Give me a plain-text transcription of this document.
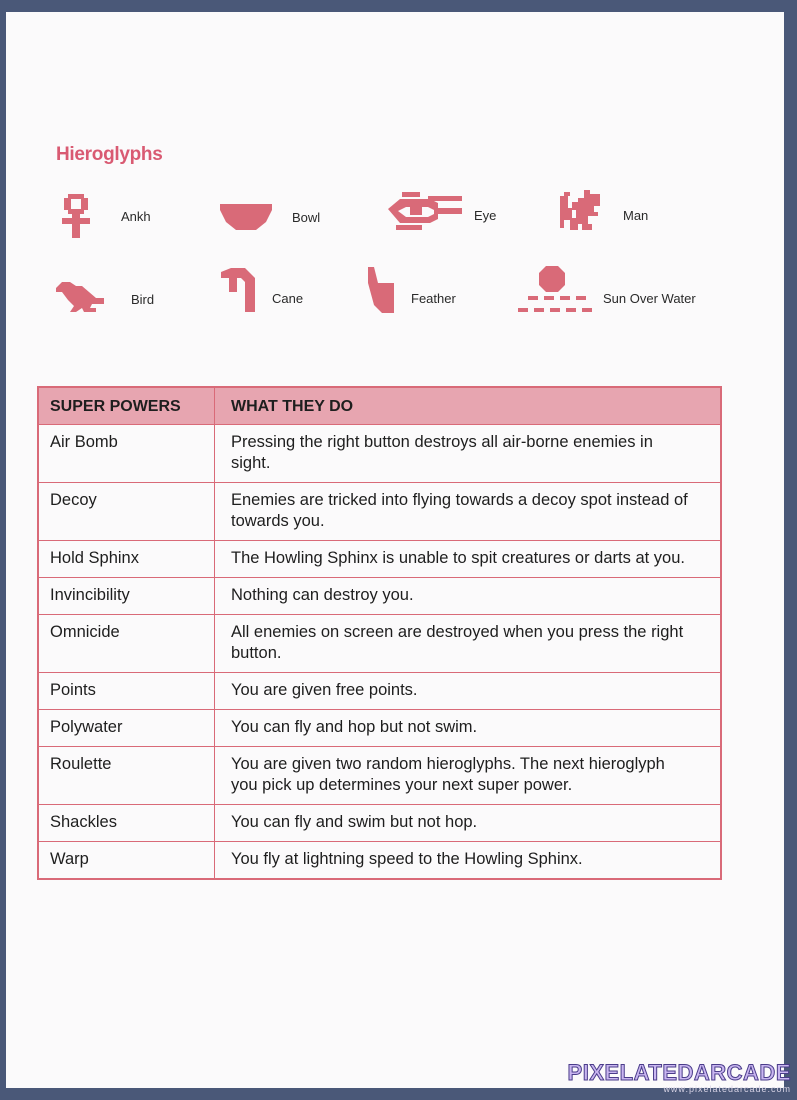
Hieroglyphs
Ankh	Bowl	Eye	Man
Bird	Cane	Feather	Sun Over Water
SUPER POWERS	WHAT THEY DO
Air Bomb	Pressing the right button destroys all air-borne enemies in sight.
Decoy	Enemies are tricked into flying towards a decoy spot instead of towards you.
Hold Sphinx	The Howling Sphinx is unable to spit creatures or darts at you.
Invincibility	Nothing can destroy you.
Omnicide	All enemies on screen are destroyed when you press the right button.
Points	You are given free points.
Polywater	You can fly and hop but not swim.
Roulette	You are given two random hieroglyphs. The next hieroglyph you pick up determines your next super power.
Shackles	You can fly and swim but not hop.
Warp	You fly at lightning speed to the Howling Sphinx.
PIXELATEDARCADE
www.pixelatedarcade.com
